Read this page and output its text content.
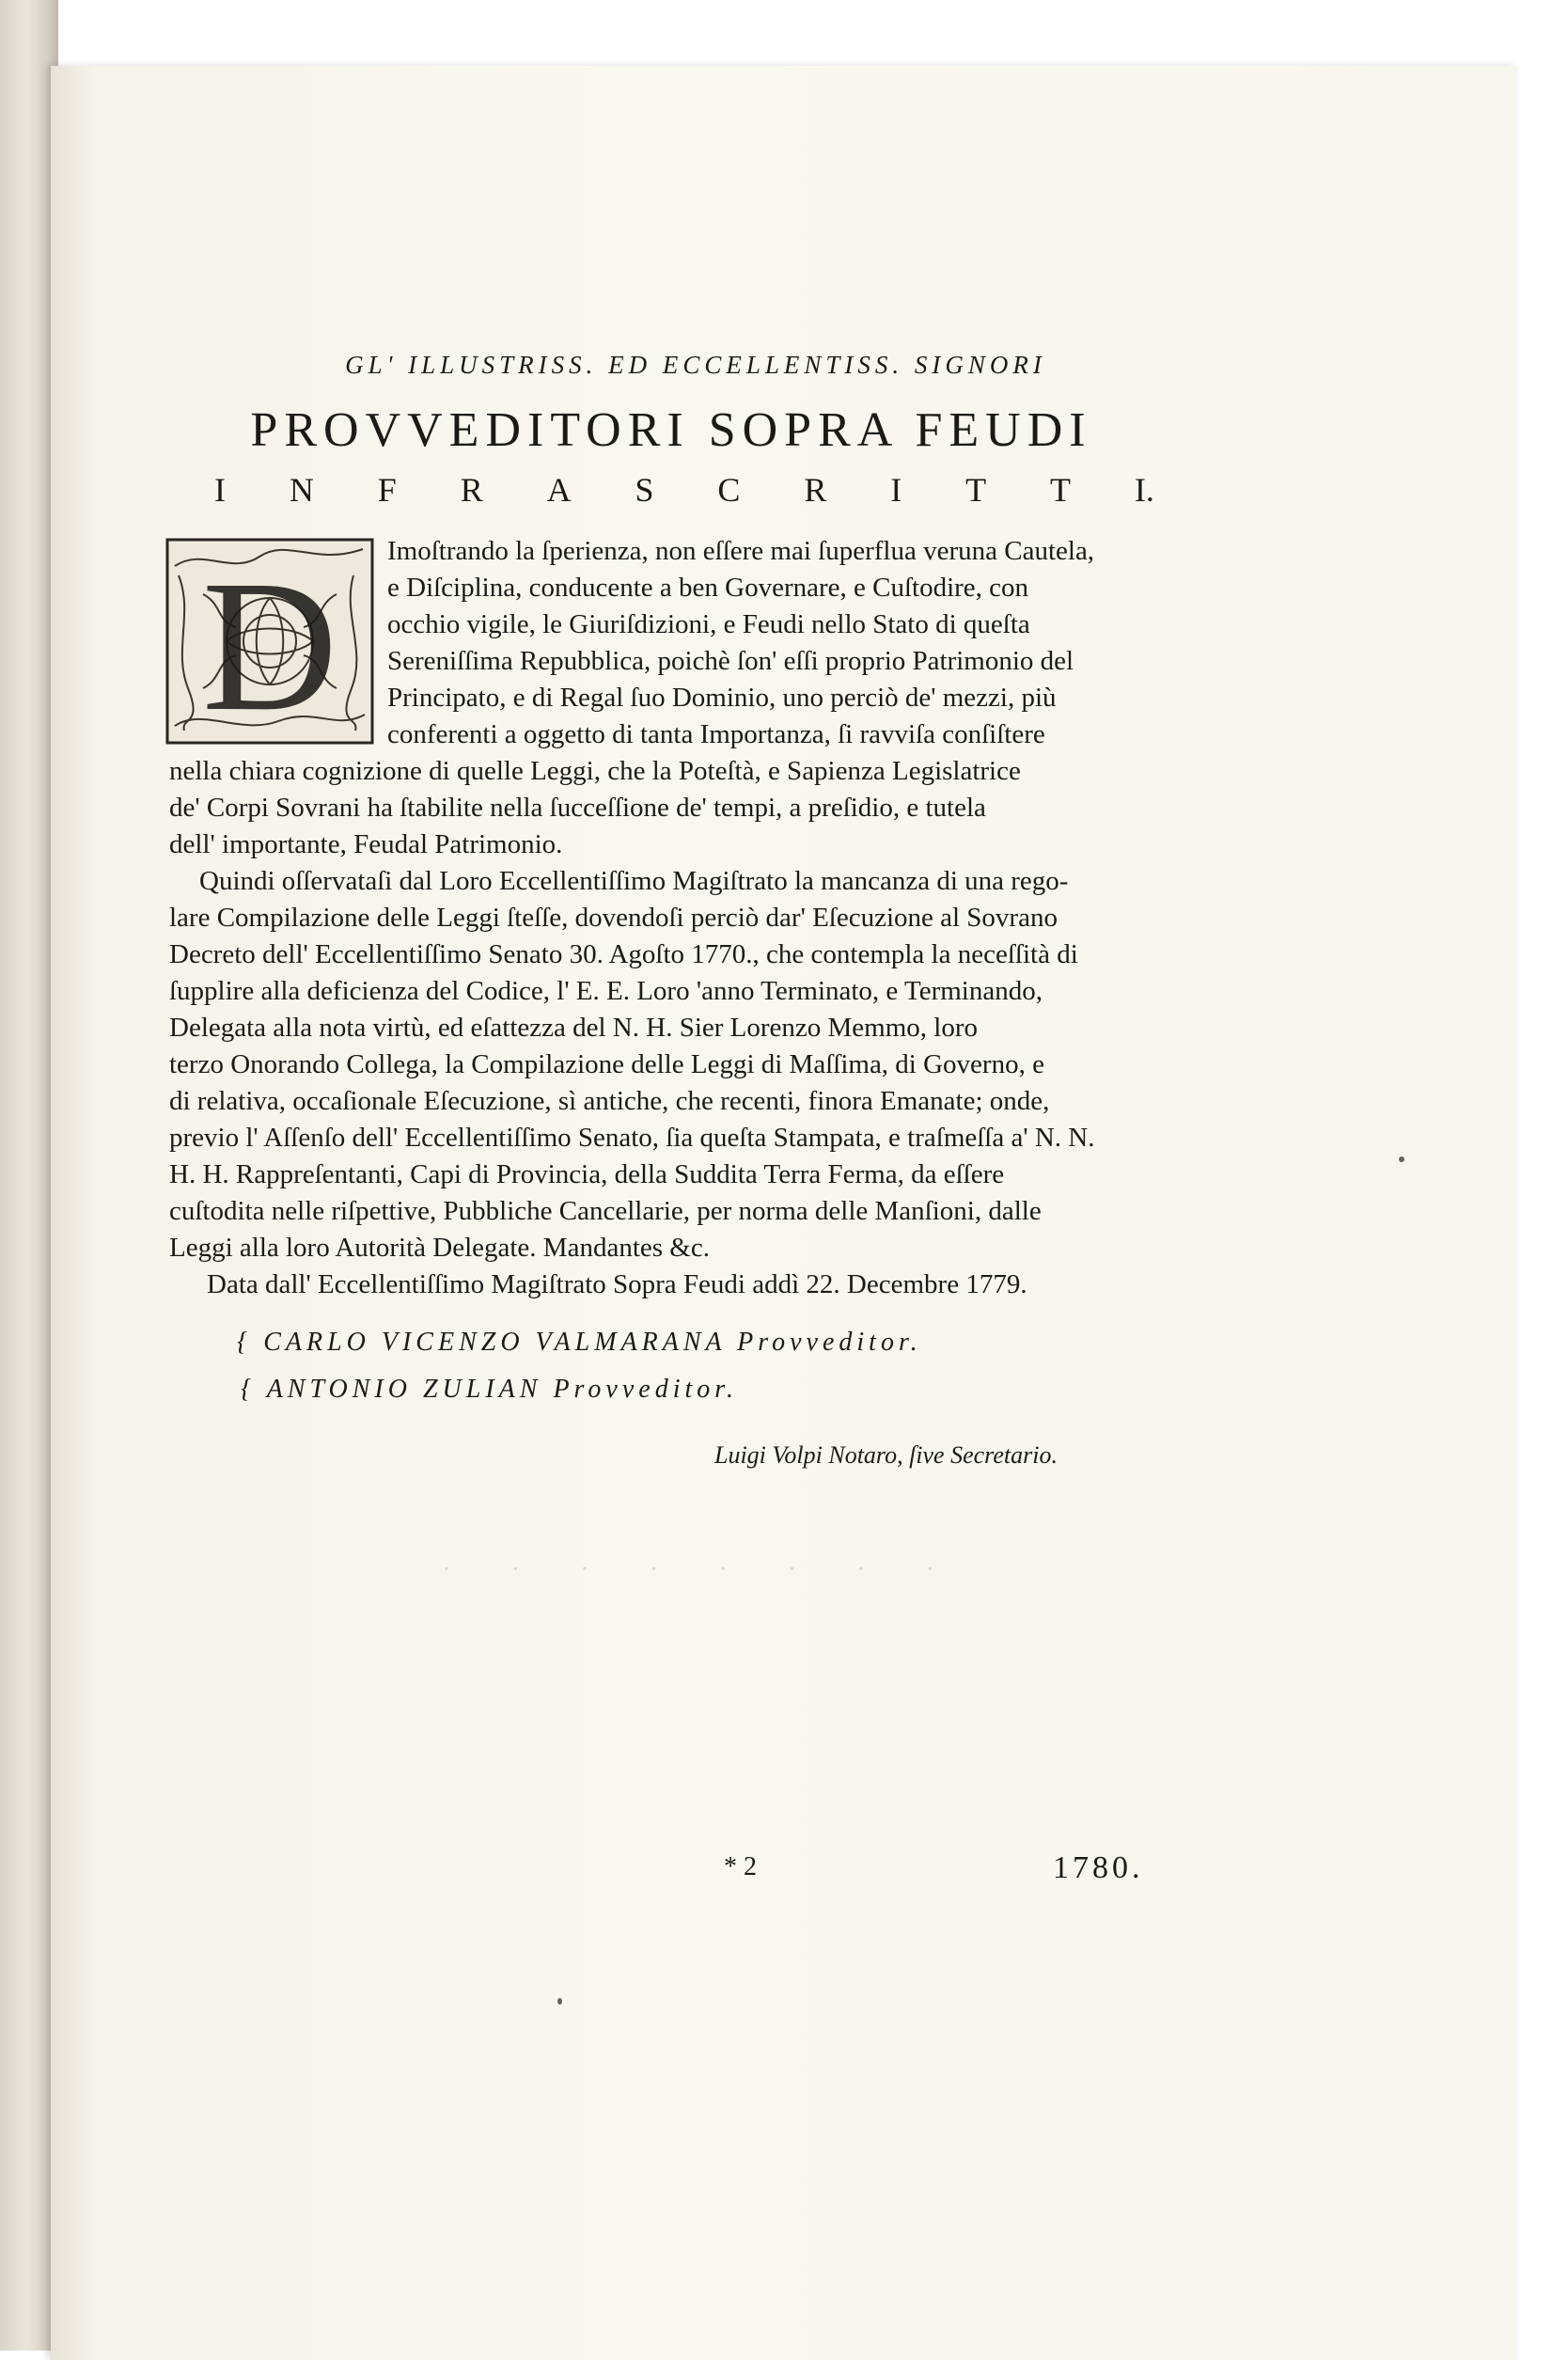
GL' ILLUSTRISS. ED ECCELLENTISS. SIGNORI
PROVVEDITORI SOPRA FEUDI
I N F R A S C R I T T I.
D Imoſtrando la ſperienza, non eſſere mai ſuperflua veruna Cautela,
e Diſciplina, conducente a ben Governare, e Cuſtodire, con
occhio vigile, le Giuriſdizioni, e Feudi nello Stato di queſta
Sereniſſima Repubblica, poichè ſon' eſſi proprio Patrimonio del
Principato, e di Regal ſuo Dominio, uno perciò de' mezzi, più
conferenti a oggetto di tanta Importanza, ſi ravviſa conſiſtere
nella chiara cognizione di quelle Leggi, che la Poteſtà, e Sapienza Legislatrice
de' Corpi Sovrani ha ſtabilite nella ſucceſſione de' tempi, a preſidio, e tutela
dell' importante, Feudal Patrimonio.
Quindi oſſervataſi dal Loro Eccellentiſſimo Magiſtrato la mancanza di una rego-
lare Compilazione delle Leggi ſteſſe, dovendoſi perciò dar' Eſecuzione al Sovrano
Decreto dell' Eccellentiſſimo Senato 30. Agoſto 1770., che contempla la neceſſità di
ſupplire alla deficienza del Codice, l' E. E. Loro 'anno Terminato, e Terminando,
Delegata alla nota virtù, ed eſattezza del N. H. Sier Lorenzo Memmo, loro
terzo Onorando Collega, la Compilazione delle Leggi di Maſſima, di Governo, e
di relativa, occaſionale Eſecuzione, sì antiche, che recenti, finora Emanate; onde,
previo l' Aſſenſo dell' Eccellentiſſimo Senato, ſia queſta Stampata, e traſmeſſa a' N. N.
H. H. Rappreſentanti, Capi di Provincia, della Suddita Terra Ferma, da eſſere
cuſtodita nelle riſpettive, Pubbliche Cancellarie, per norma delle Manſioni, dalle
Leggi alla loro Autorità Delegate. Mandantes &c.
Data dall' Eccellentiſſimo Magiſtrato Sopra Feudi addì 22. Decembre 1779.
{ CARLO VICENZO VALMARANA Provveditor.
{ ANTONIO ZULIAN Provveditor.
Luigi Volpi Notaro, ſive Secretario.
· · · · · · · ·
* 2	1780.
